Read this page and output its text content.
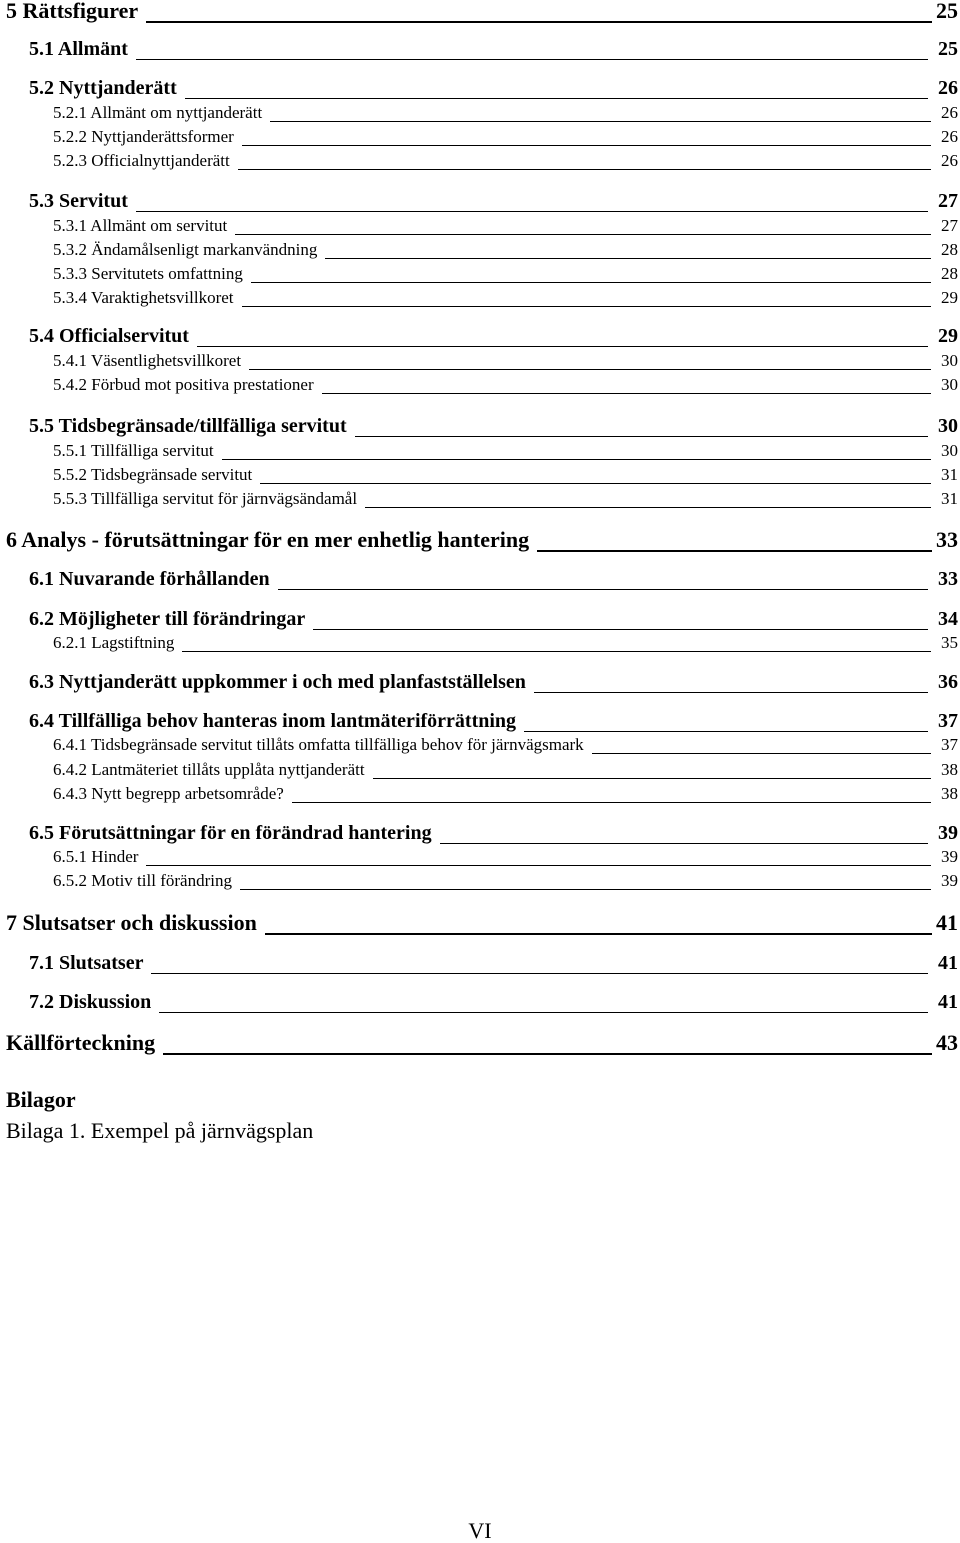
5 Rättsfigurer	25
5.1 Allmänt	25
5.2 Nyttjanderätt	26
5.2.1 Allmänt om nyttjanderätt	26
5.2.2 Nyttjanderättsformer	26
5.2.3 Officialnyttjanderätt	26
5.3 Servitut	27
5.3.1 Allmänt om servitut	27
5.3.2 Ändamålsenligt markanvändning	28
5.3.3 Servitutets omfattning	28
5.3.4 Varaktighetsvillkoret	29
5.4 Officialservitut	29
5.4.1 Väsentlighetsvillkoret	30
5.4.2 Förbud mot positiva prestationer	30
5.5 Tidsbegränsade/tillfälliga servitut	30
5.5.1 Tillfälliga servitut	30
5.5.2 Tidsbegränsade servitut	31
5.5.3 Tillfälliga servitut för järnvägsändamål	31
6 Analys - förutsättningar för en mer enhetlig hantering	33
6.1 Nuvarande förhållanden	33
6.2 Möjligheter till förändringar	34
6.2.1 Lagstiftning	35
6.3 Nyttjanderätt uppkommer i och med planfastställelsen	36
6.4 Tillfälliga behov hanteras inom lantmäteriförrättning	37
6.4.1 Tidsbegränsade servitut tillåts omfatta tillfälliga behov för järnvägsmark	37
6.4.2 Lantmäteriet tillåts upplåta nyttjanderätt	38
6.4.3 Nytt begrepp arbetsområde?	38
6.5 Förutsättningar för en förändrad hantering	39
6.5.1 Hinder	39
6.5.2 Motiv till förändring	39
7 Slutsatser och diskussion	41
7.1 Slutsatser	41
7.2 Diskussion	41
Källförteckning	43
Bilagor
Bilaga 1. Exempel på järnvägsplan
VI
